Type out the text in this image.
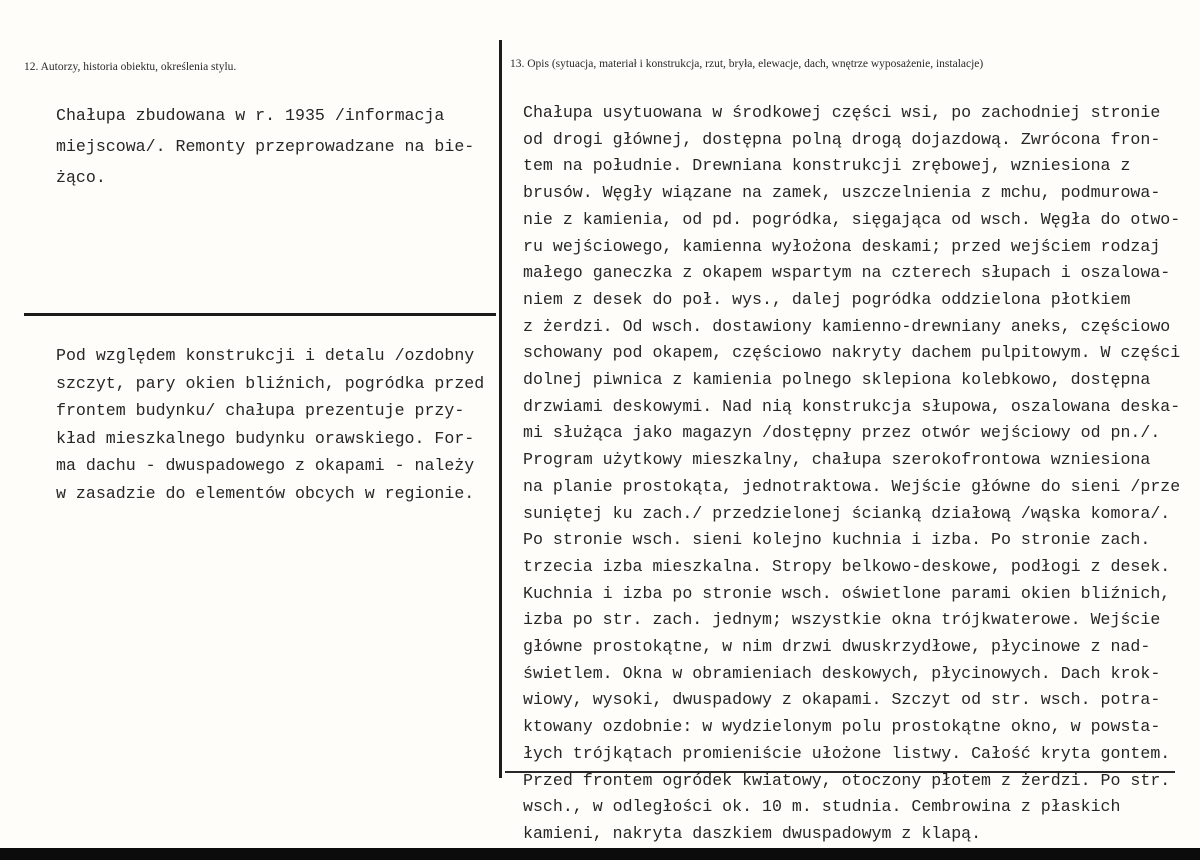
12. Autorzy, historia obiektu, określenia stylu.	13. Opis (sytuacja, materiał i konstrukcja, rzut, bryła, elewacje, dach, wnętrze wyposażenie, instalacje)
Chałupa zbudowana w r. 1935 /informacja
miejscowa/. Remonty przeprowadzane na bie-
żąco.
Pod względem konstrukcji i detalu /ozdobny
szczyt, pary okien bliźnich, pogródka przed
frontem budynku/ chałupa prezentuje przy-
kład mieszkalnego budynku orawskiego. For-
ma dachu - dwuspadowego z okapami - należy
w zasadzie do elementów obcych w regionie.
Chałupa usytuowana w środkowej części wsi, po zachodniej stronie
od drogi głównej, dostępna polną drogą dojazdową. Zwrócona fron-
tem na południe. Drewniana konstrukcji zrębowej, wzniesiona z
brusów. Węgły wiązane na zamek, uszczelnienia z mchu, podmurowa-
nie z kamienia, od pd. pogródka, sięgająca od wsch. Węgła do otwo-
ru wejściowego, kamienna wyłożona deskami; przed wejściem rodzaj
małego ganeczka z okapem wspartym na czterech słupach i oszalowa-
niem z desek do poł. wys., dalej pogródka oddzielona płotkiem
z żerdzi. Od wsch. dostawiony kamienno-drewniany aneks, częściowo
schowany pod okapem, częściowo nakryty dachem pulpitowym. W części
dolnej piwnica z kamienia polnego sklepiona kolebkowo, dostępna
drzwiami deskowymi. Nad nią konstrukcja słupowa, oszalowana deska-
mi służąca jako magazyn /dostępny przez otwór wejściowy od pn./.
Program użytkowy mieszkalny, chałupa szerokofrontowa wzniesiona
na planie prostokąta, jednotraktowa. Wejście główne do sieni /prze
suniętej ku zach./ przedzielonej ścianką działową /wąska komora/.
Po stronie wsch. sieni kolejno kuchnia i izba. Po stronie zach.
trzecia izba mieszkalna. Stropy belkowo-deskowe, podłogi z desek.
Kuchnia i izba po stronie wsch. oświetlone parami okien bliźnich,
izba po str. zach. jednym; wszystkie okna trójkwaterowe. Wejście
główne prostokątne, w nim drzwi dwuskrzydłowe, płycinowe z nad-
świetlem. Okna w obramieniach deskowych, płycinowych. Dach krok-
wiowy, wysoki, dwuspadowy z okapami. Szczyt od str. wsch. potra-
ktowany ozdobnie: w wydzielonym polu prostokątne okno, w powsta-
łych trójkątach promieniście ułożone listwy. Całość kryta gontem.
Przed frontem ogródek kwiatowy, otoczony płotem z żerdzi. Po str.
wsch., w odległości ok. 10 m. studnia. Cembrowina z płaskich
kamieni, nakryta daszkiem dwuspadowym z klapą.
